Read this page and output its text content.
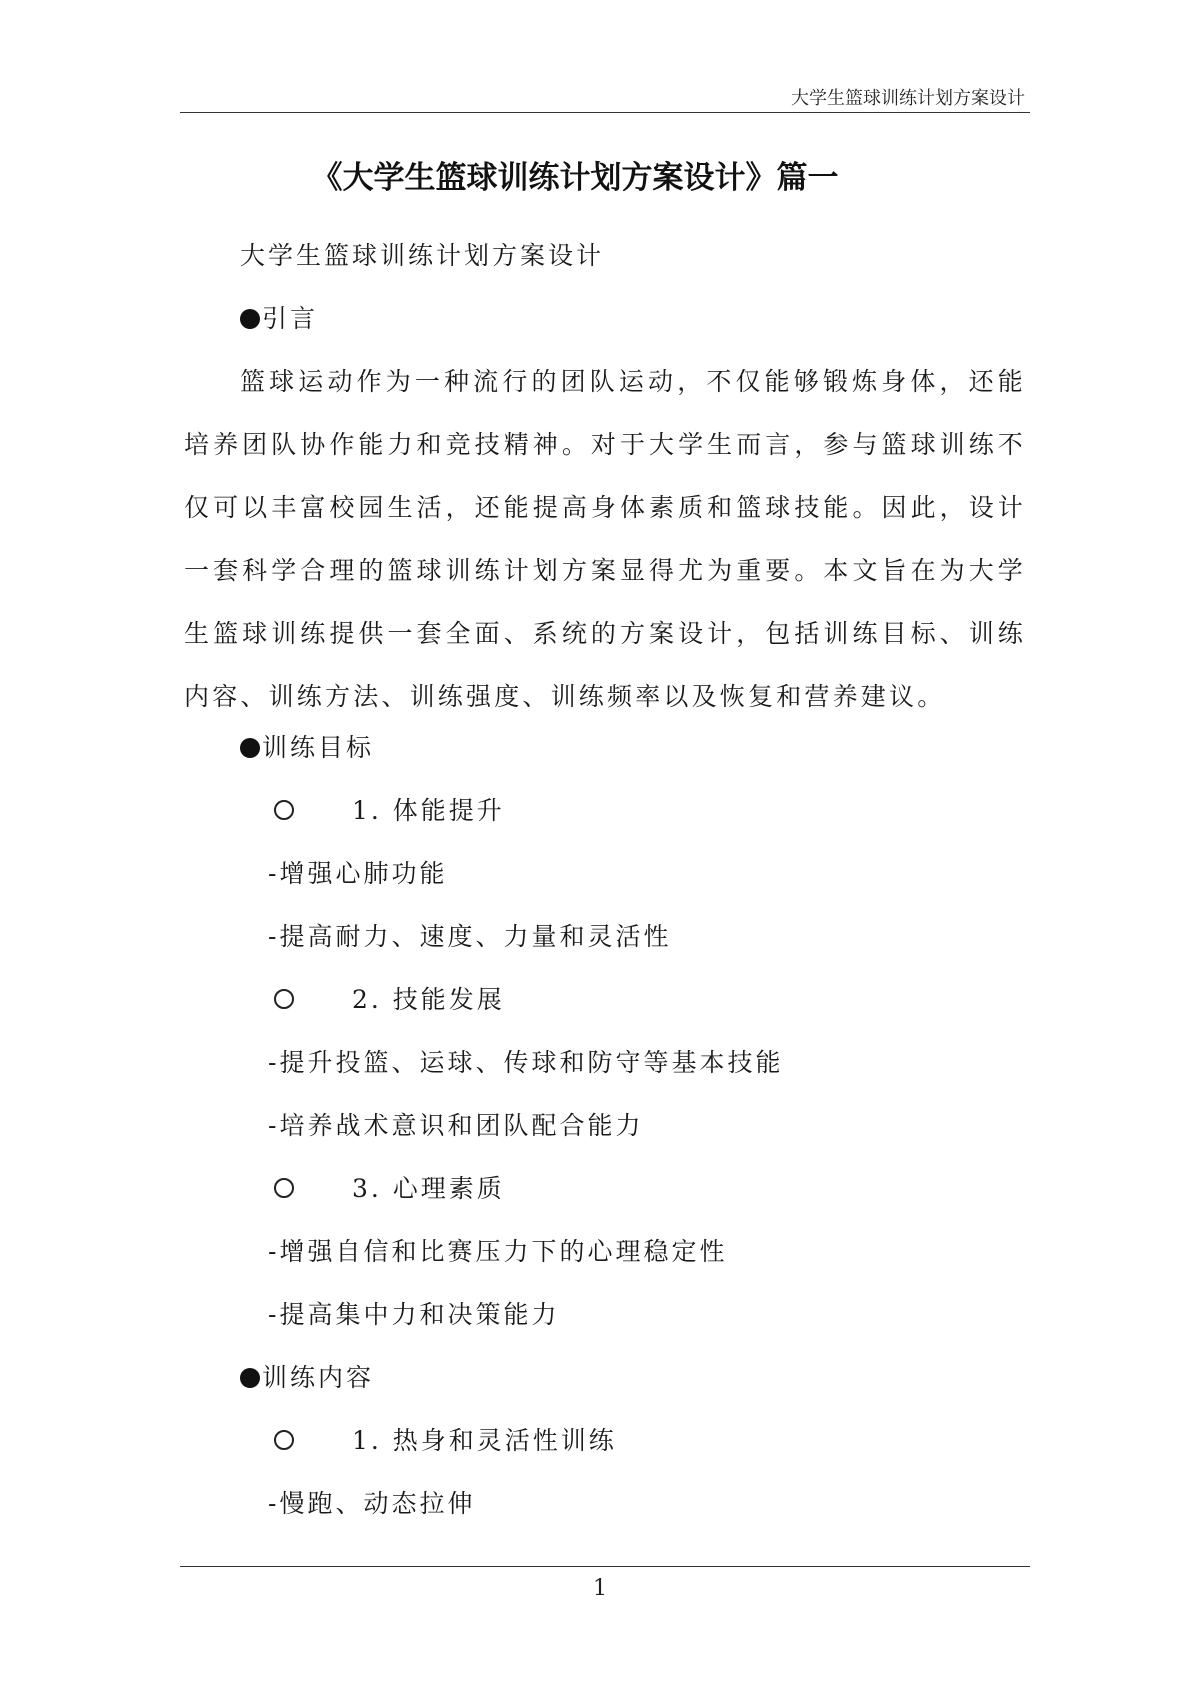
大学生篮球训练计划方案设计
《大学生篮球训练计划方案设计》篇一
大学生篮球训练计划方案设计
引言

篮球运动作为一种流行的团队运动，不仅能够锻炼身体，还能培养团队协作能力和竞技精神。对于大学生而言，参与篮球训练不仅可以丰富校园生活，还能提高身体素质和篮球技能。因此，设计一套科学合理的篮球训练计划方案显得尤为重要。本文旨在为大学生篮球训练提供一套全面、系统的方案设计，包括训练目标、训练内容、训练方法、训练强度、训练频率以及恢复和营养建议。

训练目标
1. 体能提升
-增强心肺功能
-提高耐力、速度、力量和灵活性
2. 技能发展
-提升投篮、运球、传球和防守等基本技能
-培养战术意识和团队配合能力
3. 心理素质
-增强自信和比赛压力下的心理稳定性
-提高集中力和决策能力
训练内容
1. 热身和灵活性训练
-慢跑、动态拉伸
1
